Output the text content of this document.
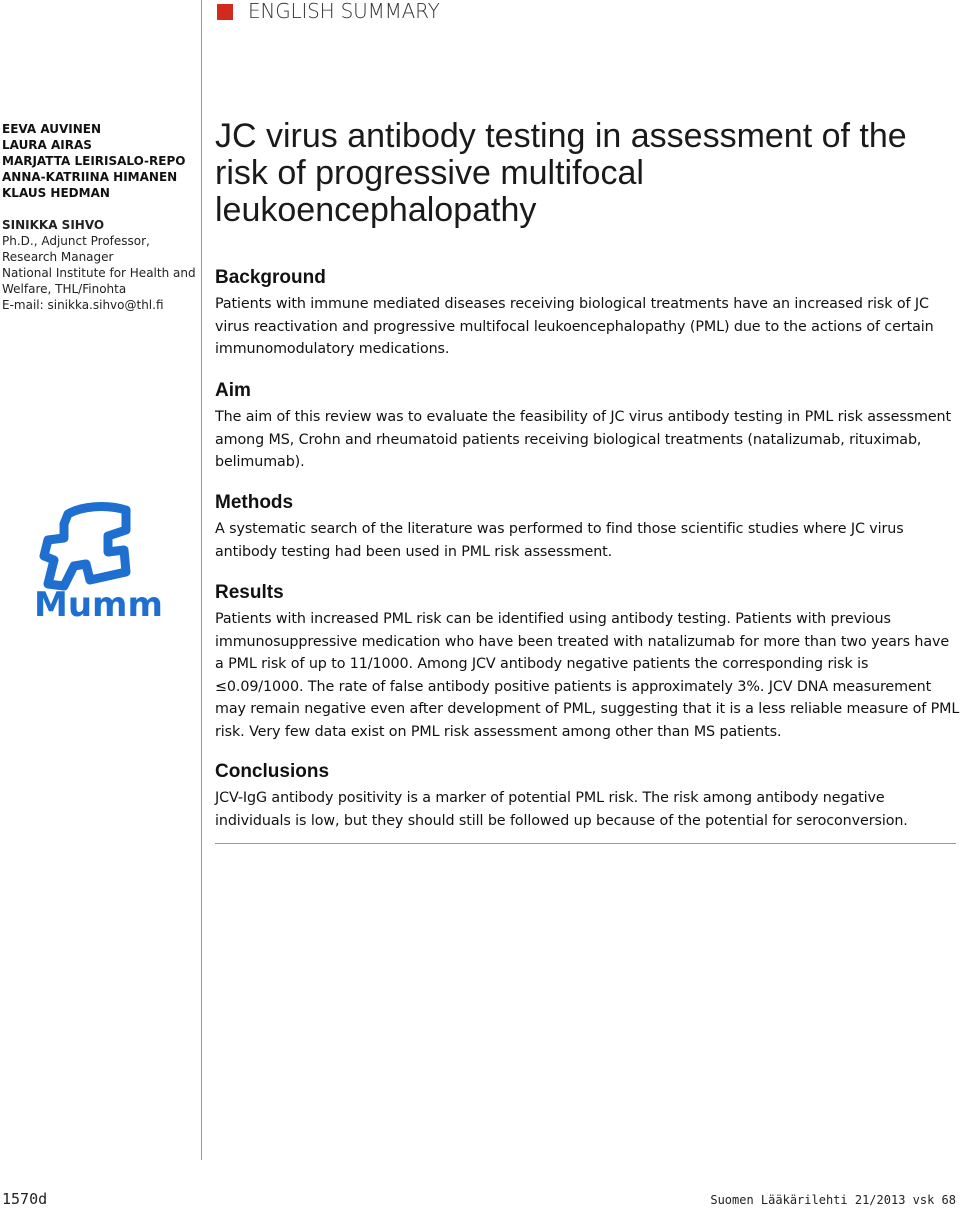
ENGLISH SUMMARY
EEVA AUVINEN
LAURA AIRAS
MARJATTA LEIRISALO-REPO
ANNA-KATRIINA HIMANEN
KLAUS HEDMAN
SINIKKA SIHVO
Ph.D., Adjunct Professor,
Research Manager
National Institute for Health and
Welfare, THL/Finohta
E-mail: sinikka.sihvo@thl.fi
Mumm
JC virus antibody testing in assessment of the risk of progressive multifocal leukoencephalopathy
Background

Patients with immune mediated diseases receiving biological treatments have an increased risk of JC virus reactivation and progressive multifocal leukoencephalopathy (PML) due to the actions of certain immunomodulatory medications.

Aim

The aim of this review was to evaluate the feasibility of JC virus antibody testing in PML risk assessment among MS, Crohn and rheumatoid patients receiving biological treatments (natalizumab, rituximab, belimumab).

Methods

A systematic search of the literature was performed to find those scientific studies where JC virus antibody testing had been used in PML risk assessment.

Results

Patients with increased PML risk can be identified using antibody testing. Patients with previous immunosuppressive medication who have been treated with natalizumab for more than two years have a PML risk of up to 11/1000. Among JCV antibody negative patients the corresponding risk is ≤0.09/1000. The rate of false antibody positive patients is approximately 3%. JCV DNA measurement may remain negative even after development of PML, suggesting that it is a less reliable measure of PML risk. Very few data exist on PML risk assessment among other than MS patients.

Conclusions

JCV-IgG antibody positivity is a marker of potential PML risk. The risk among antibody negative individuals is low, but they should still be followed up because of the potential for seroconversion.

1570d	Suomen Lääkärilehti 21/2013 vsk 68
